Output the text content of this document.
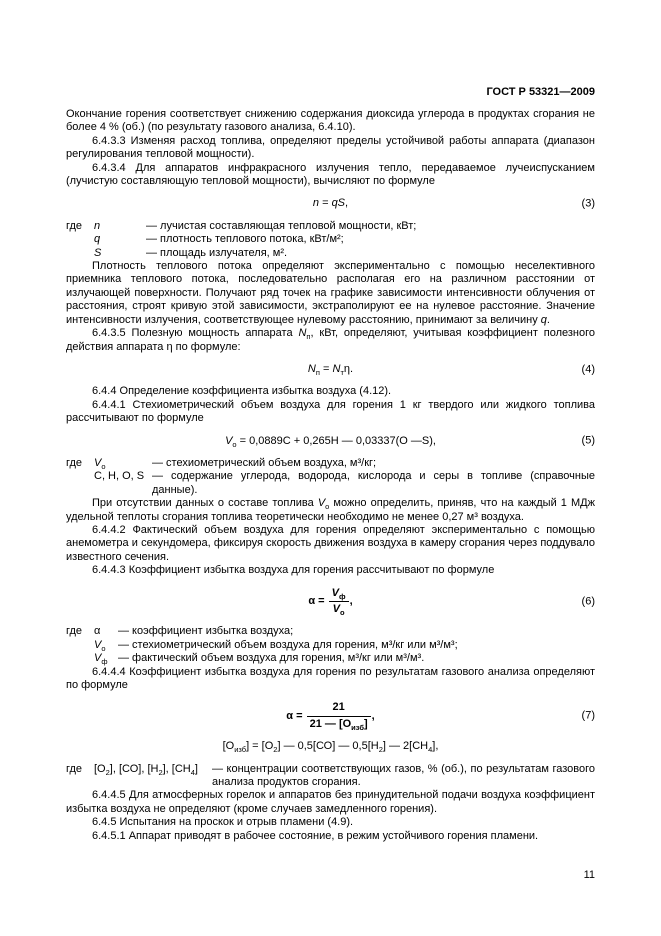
ГОСТ Р 53321—2009

Окончание горения соответствует снижению содержания диоксида углерода в продуктах сгорания не более 4 % (об.) (по результату газового анализа, 6.4.10).

6.4.3.3 Изменяя расход топлива, определяют пределы устойчивой работы аппарата (диапазон регулирования тепловой мощности).

6.4.3.4 Для аппаратов инфракрасного излучения тепло, передаваемое лучеиспусканием (лучистую составляющую тепловой мощности), вычисляют по формуле

n = qS,	(3)
где	n	— лучистая составляющая тепловой мощности, кВт;
q	— плотность теплового потока, кВт/м²;
S	— площадь излучателя, м².

Плотность теплового потока определяют экспериментально с помощью неселективного приемника теплового потока, последовательно располагая его на различном расстоянии от излучающей поверхности. Получают ряд точек на графике зависимости интенсивности облучения от расстояния, строят кривую этой зависимости, экстраполируют ее на нулевое расстояние. Значение интенсивности излучения, соответствующее нулевому расстоянию, принимают за величину q.

6.4.3.5 Полезную мощность аппарата $N_п$, кВт, определяют, учитывая коэффициент полезного действия аппарата η по формуле:

$N_п = N_т\eta$.	(4)

6.4.4 Определение коэффициента избытка воздуха (4.12).

6.4.4.1 Стехиометрический объем воздуха для горения 1 кг твердого или жидкого топлива рассчитывают по формуле

$V_о = 0,0889С + 0,265Н$ — 0,03337(О —S),	(5)
где	$V_о$	— стехиометрический объем воздуха, м³/кг;
С, Н, О, S — содержание углерода, водорода, кислорода и серы в топливе (справочные данные).

При отсутствии данных о составе топлива $V_о$ можно определить, приняв, что на каждый 1 МДж удельной теплоты сгорания топлива теоретически необходимо не менее 0,27 м³ воздуха.

6.4.4.2 Фактический объем воздуха для горения определяют экспериментально с помощью анемометра и секундомера, фиксируя скорость движения воздуха в камеру сгорания через поддувало известного сечения.

6.4.4.3 Коэффициент избытка воздуха для горения рассчитывают по формуле

$\alpha = \frac{V_ф}{V_о}$ ,	(6)
где	α	— коэффициент избытка воздуха;
$V_о$	— стехиометрический объем воздуха для горения, м³/кг или м³/м³;
$V_ф$ — фактический объем воздуха для горения, м³/кг или м³/м³.

6.4.4.4 Коэффициент избытка воздуха для горения по результатам газового анализа определяют по формуле

$\alpha = \frac{21}{21 — [О_{изб}]}$ ,	(7)
$[О_{изб}] = [О_2]$ — 0,5[СО] — $0,5[Н_2]$ — $2[СН_4]$,
где	$[О_2]$, [СО], $[Н_2]$, $[СН_4]$	— концентрации соответствующих газов, % (об.), по результатам газового анализа продуктов сгорания.

6.4.4.5 Для атмосферных горелок и аппаратов без принудительной подачи воздуха коэффициент избытка воздуха не определяют (кроме случаев замедленного горения).

6.4.5 Испытания на проскок и отрыв пламени (4.9).

6.4.5.1 Аппарат приводят в рабочее состояние, в режим устойчивого горения пламени.

11
